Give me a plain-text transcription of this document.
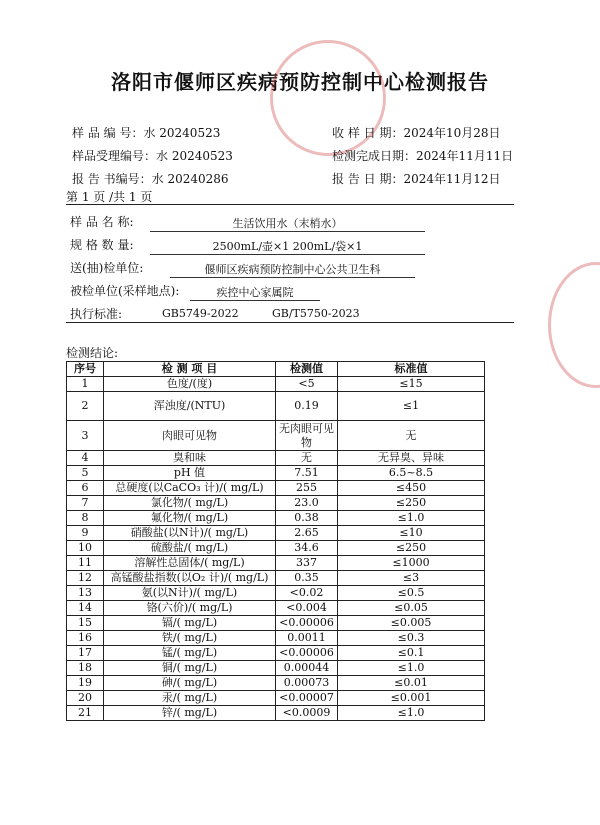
洛阳市偃师区疾病预防控制中心检测报告
样 品 编 号：水 20240523
样品受理编号：水 20240523
报 告 书编号：水 20240286
收 样 日 期：2024年10月28日
检测完成日期：2024年11月11日
报 告 日 期：2024年11月12日
第 1 页 /共 1 页
样 品 名 称:	生活饮用水（末梢水）
规 格 数 量:	2500mL/壶×1 200mL/袋×1
送(抽)检单位:	偃师区疾病预防控制中心公共卫生科
被检单位(采样地点):	疾控中心家属院
执行标准:	GB5749-2022	GB/T5750-2023
检测结论:
序号	检 测 项 目	检测值	标准值
1	色度/(度)	<5	≤15
2	浑浊度/(NTU)	0.19	≤1
3	肉眼可见物	无肉眼可见物	无
4	臭和味	无	无异臭、异味
5	pH 值	7.51	6.5~8.5
6	总硬度(以CaCO₃ 计)/( mg/L)	255	≤450
7	氯化物/( mg/L)	23.0	≤250
8	氟化物/( mg/L)	0.38	≤1.0
9	硝酸盐(以N计)/( mg/L)	2.65	≤10
10	硫酸盐/( mg/L)	34.6	≤250
11	溶解性总固体/( mg/L)	337	≤1000
12	高锰酸盐指数(以O₂ 计)/( mg/L)	0.35	≤3
13	氨(以N计)/( mg/L)	<0.02	≤0.5
14	铬(六价)/( mg/L)	<0.004	≤0.05
15	镉/( mg/L)	<0.00006	≤0.005
16	铁/( mg/L)	0.0011	≤0.3
17	锰/( mg/L)	<0.00006	≤0.1
18	铜/( mg/L)	0.00044	≤1.0
19	砷/( mg/L)	0.00073	≤0.01
20	汞/( mg/L)	<0.00007	≤0.001
21	锌/( mg/L)	<0.0009	≤1.0
